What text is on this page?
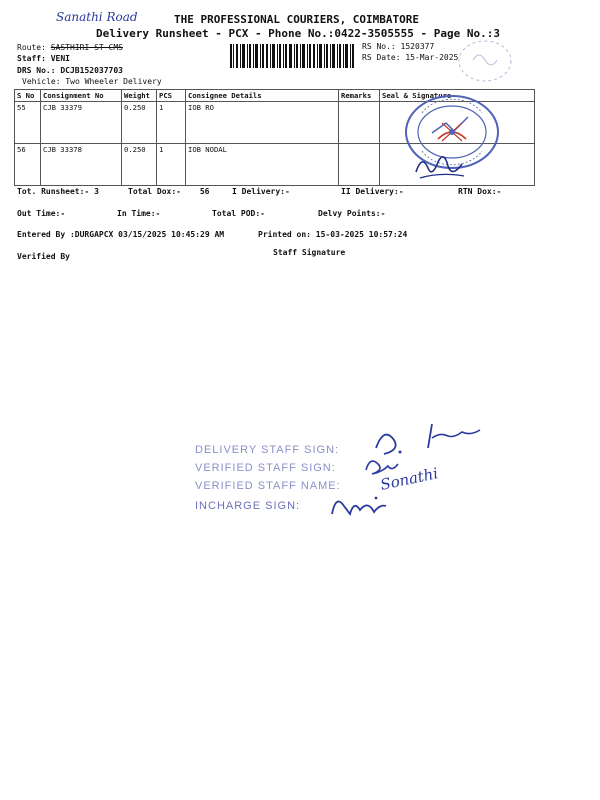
Sanathi Road	THE PROFESSIONAL COURIERS, COIMBATORE
Delivery Runsheet - PCX - Phone No.:0422-3505555 - Page No.:3
Route: SASTHIRI ST CMS
Staff: VENI
DRS No.: DCJB152037703
Vehicle: Two Wheeler Delivery
RS No.: 1520377
RS Date: 15-Mar-2025
S No	Consignment No	Weight	PCS	Consignee Details	Remarks	Seal & Signature
55	CJB 33379	0.250	1	IOB RO		
56	CJB 33378	0.250	1	IOB NODAL		
Tot. Runsheet:- 3	Total Dox:- 56	I Delivery:-	II Delivery:-	RTN Dox:-
Out Time:-	In Time:-	Total POD:-	Delvy Points:-
Entered By :DURGAPCX 03/15/2025 10:45:29 AM	Printed on: 15-03-2025 10:57:24
Verified By	Staff Signature
DELIVERY STAFF SIGN:
VERIFIED STAFF SIGN:
VERIFIED STAFF NAME:
INCHARGE SIGN:
Sonathi
